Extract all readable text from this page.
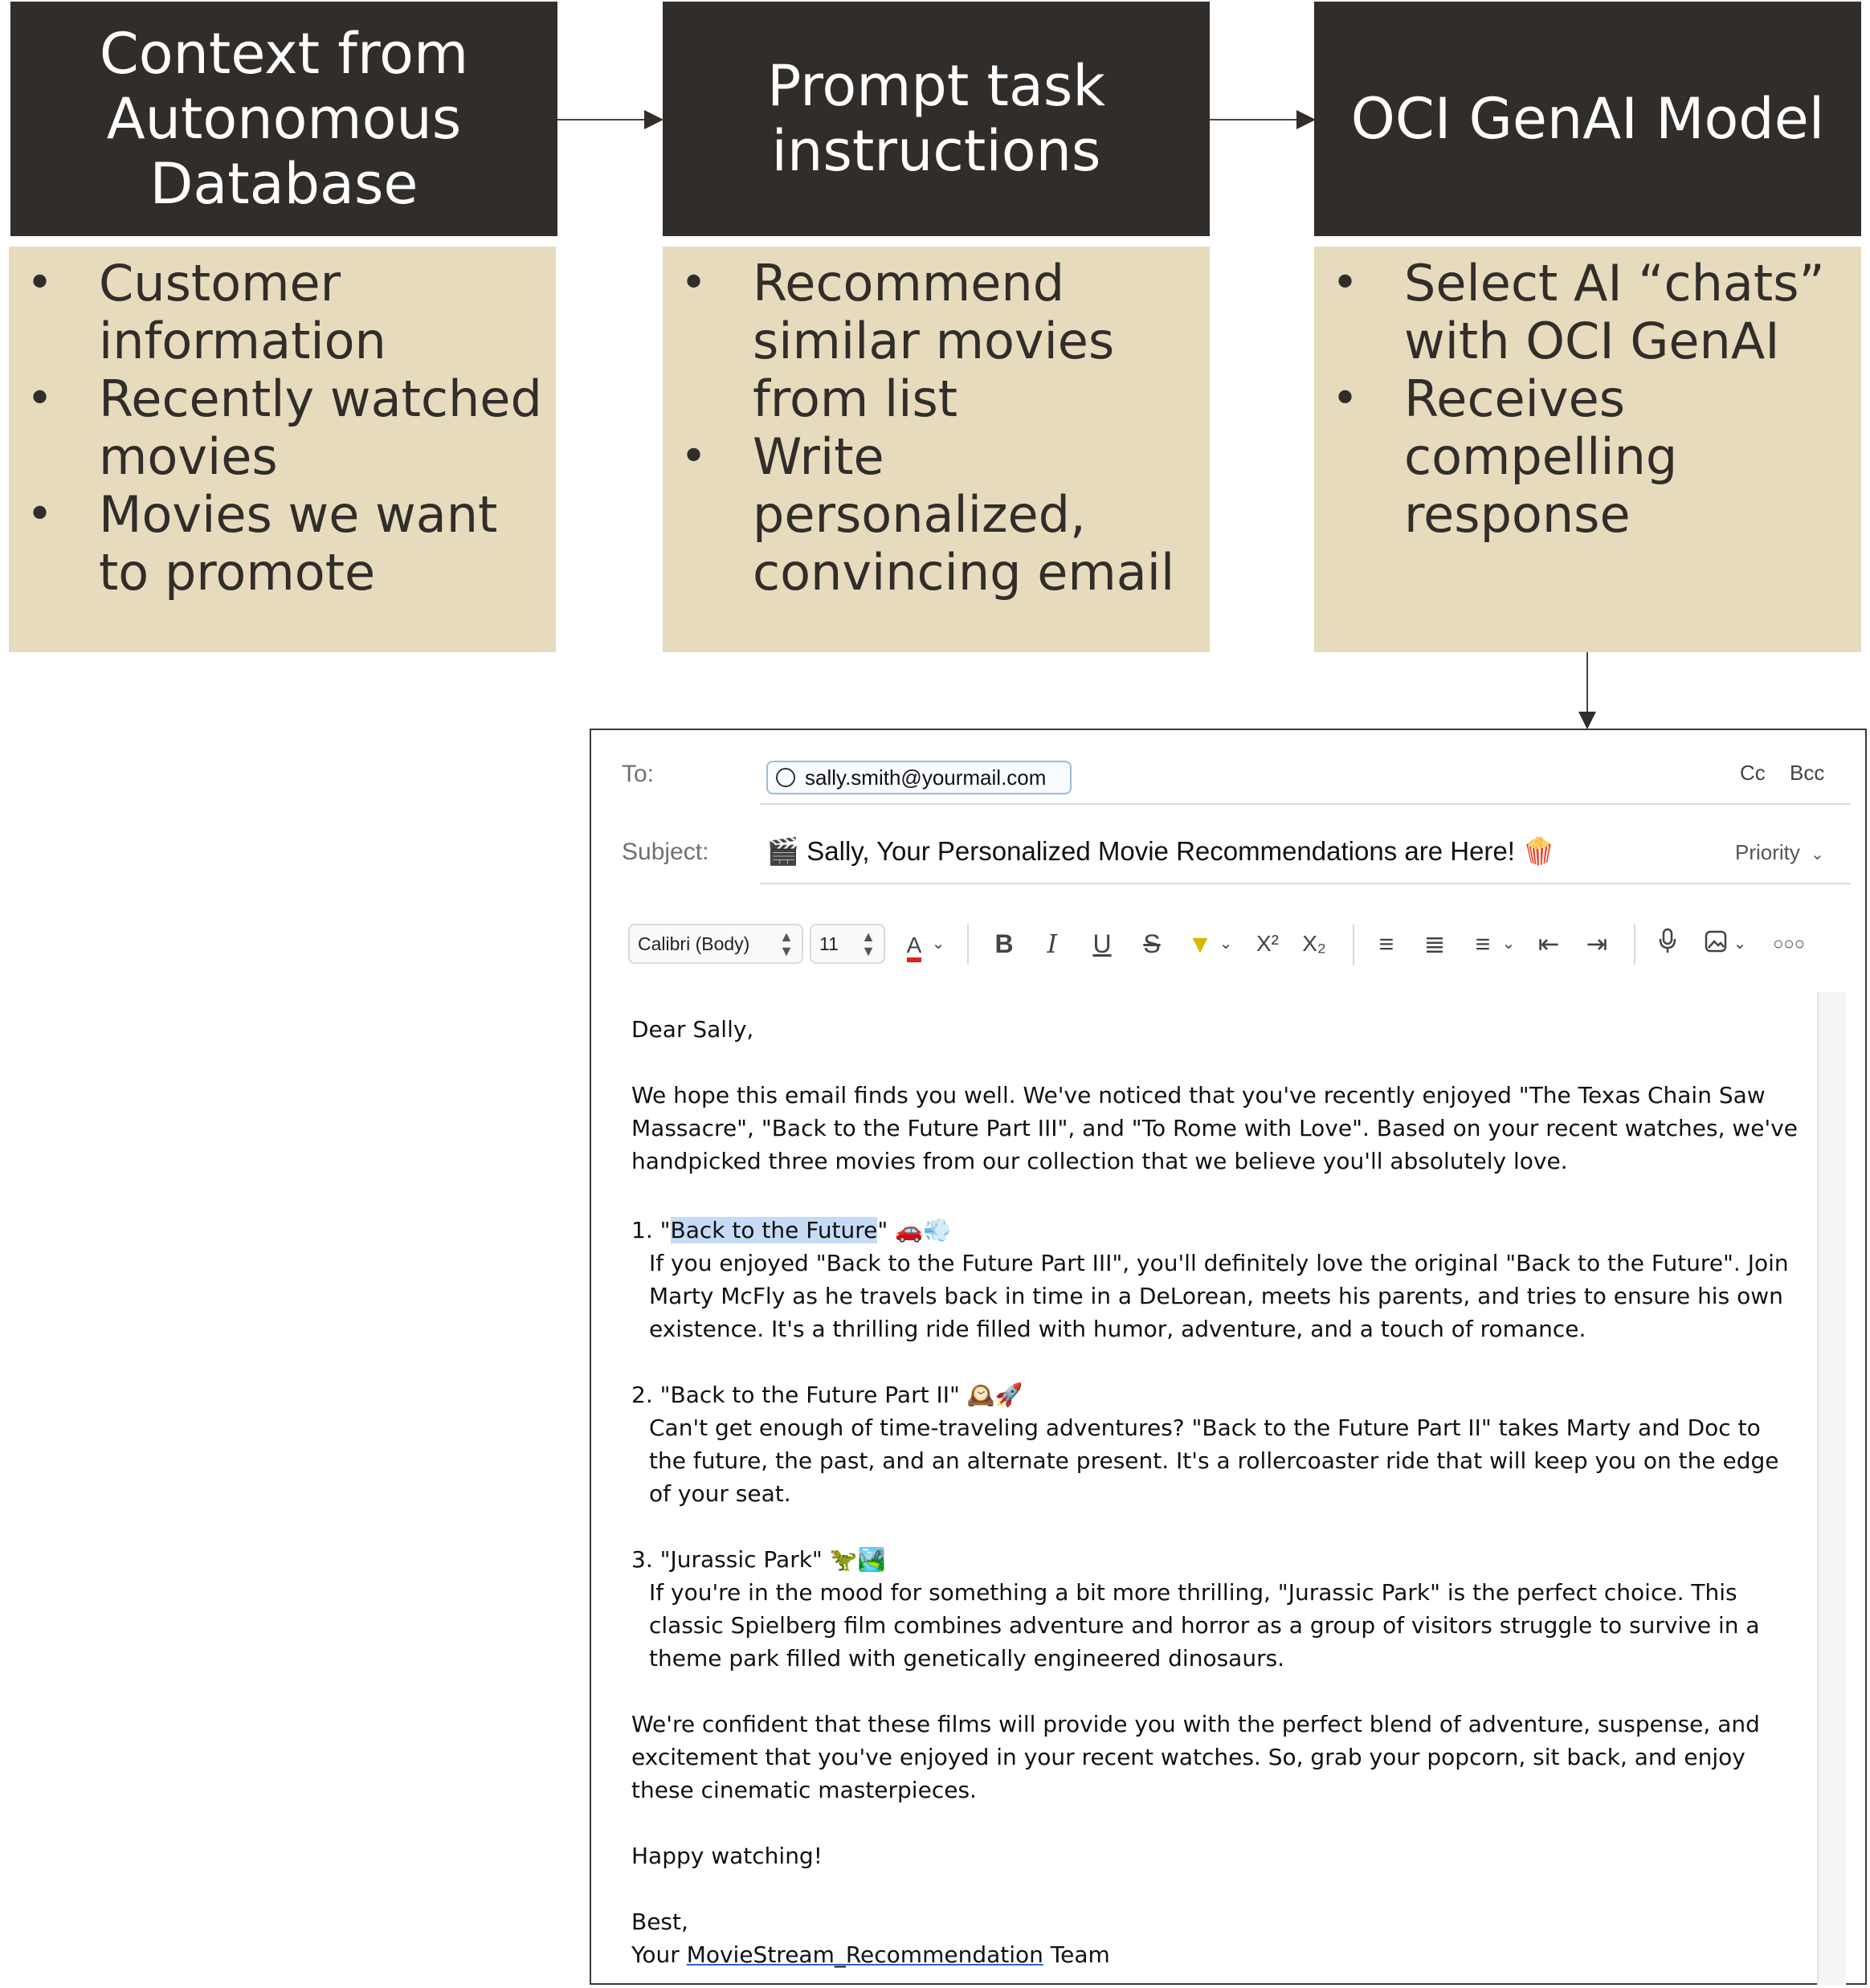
Context from
Autonomous
Database
• Customer information
• Recently watched movies
• Movies we want to promote
Prompt task
instructions
• Recommend similar movies from list
• Write personalized, convincing email
OCI GenAI Model
• Select AI “chats” with OCI GenAI
• Receives compelling response
To:	sally.smith@yourmail.com	Cc Bcc
Subject: 🎬 Sally, Your Personalized Movie Recommendations are Here! 🍿	Priority ⌄
Calibri (Body) ▲
▼ 11 ▲
▼	A ⌄ B	I	U S ▼ ⌄ X² X₂	≡	≣	≡ ⌄ ⇤ ⇥	⌄ ○○○

Dear Sally,

We hope this email finds you well. We've noticed that you've recently enjoyed "The Texas Chain Saw Massacre", "Back to the Future Part III", and "To Rome with Love". Based on your recent watches, we've handpicked three movies from our collection that we believe you'll absolutely love.

1. "Back to the Future" 🚗💨

If you enjoyed "Back to the Future Part III", you'll definitely love the original "Back to the Future". Join Marty McFly as he travels back in time in a DeLorean, meets his parents, and tries to ensure his own existence. It's a thrilling ride filled with humor, adventure, and a touch of romance.

2. "Back to the Future Part II" 🕰️🚀

Can't get enough of time-traveling adventures? "Back to the Future Part II" takes Marty and Doc to the future, the past, and an alternate present. It's a rollercoaster ride that will keep you on the edge of your seat.

3. "Jurassic Park" 🦖🏞️

If you're in the mood for something a bit more thrilling, "Jurassic Park" is the perfect choice. This classic Spielberg film combines adventure and horror as a group of visitors struggle to survive in a theme park filled with genetically engineered dinosaurs.

We're confident that these films will provide you with the perfect blend of adventure, suspense, and excitement that you've enjoyed in your recent watches. So, grab your popcorn, sit back, and enjoy these cinematic masterpieces.

Happy watching!

Best,

Your MovieStream_Recommendation Team
